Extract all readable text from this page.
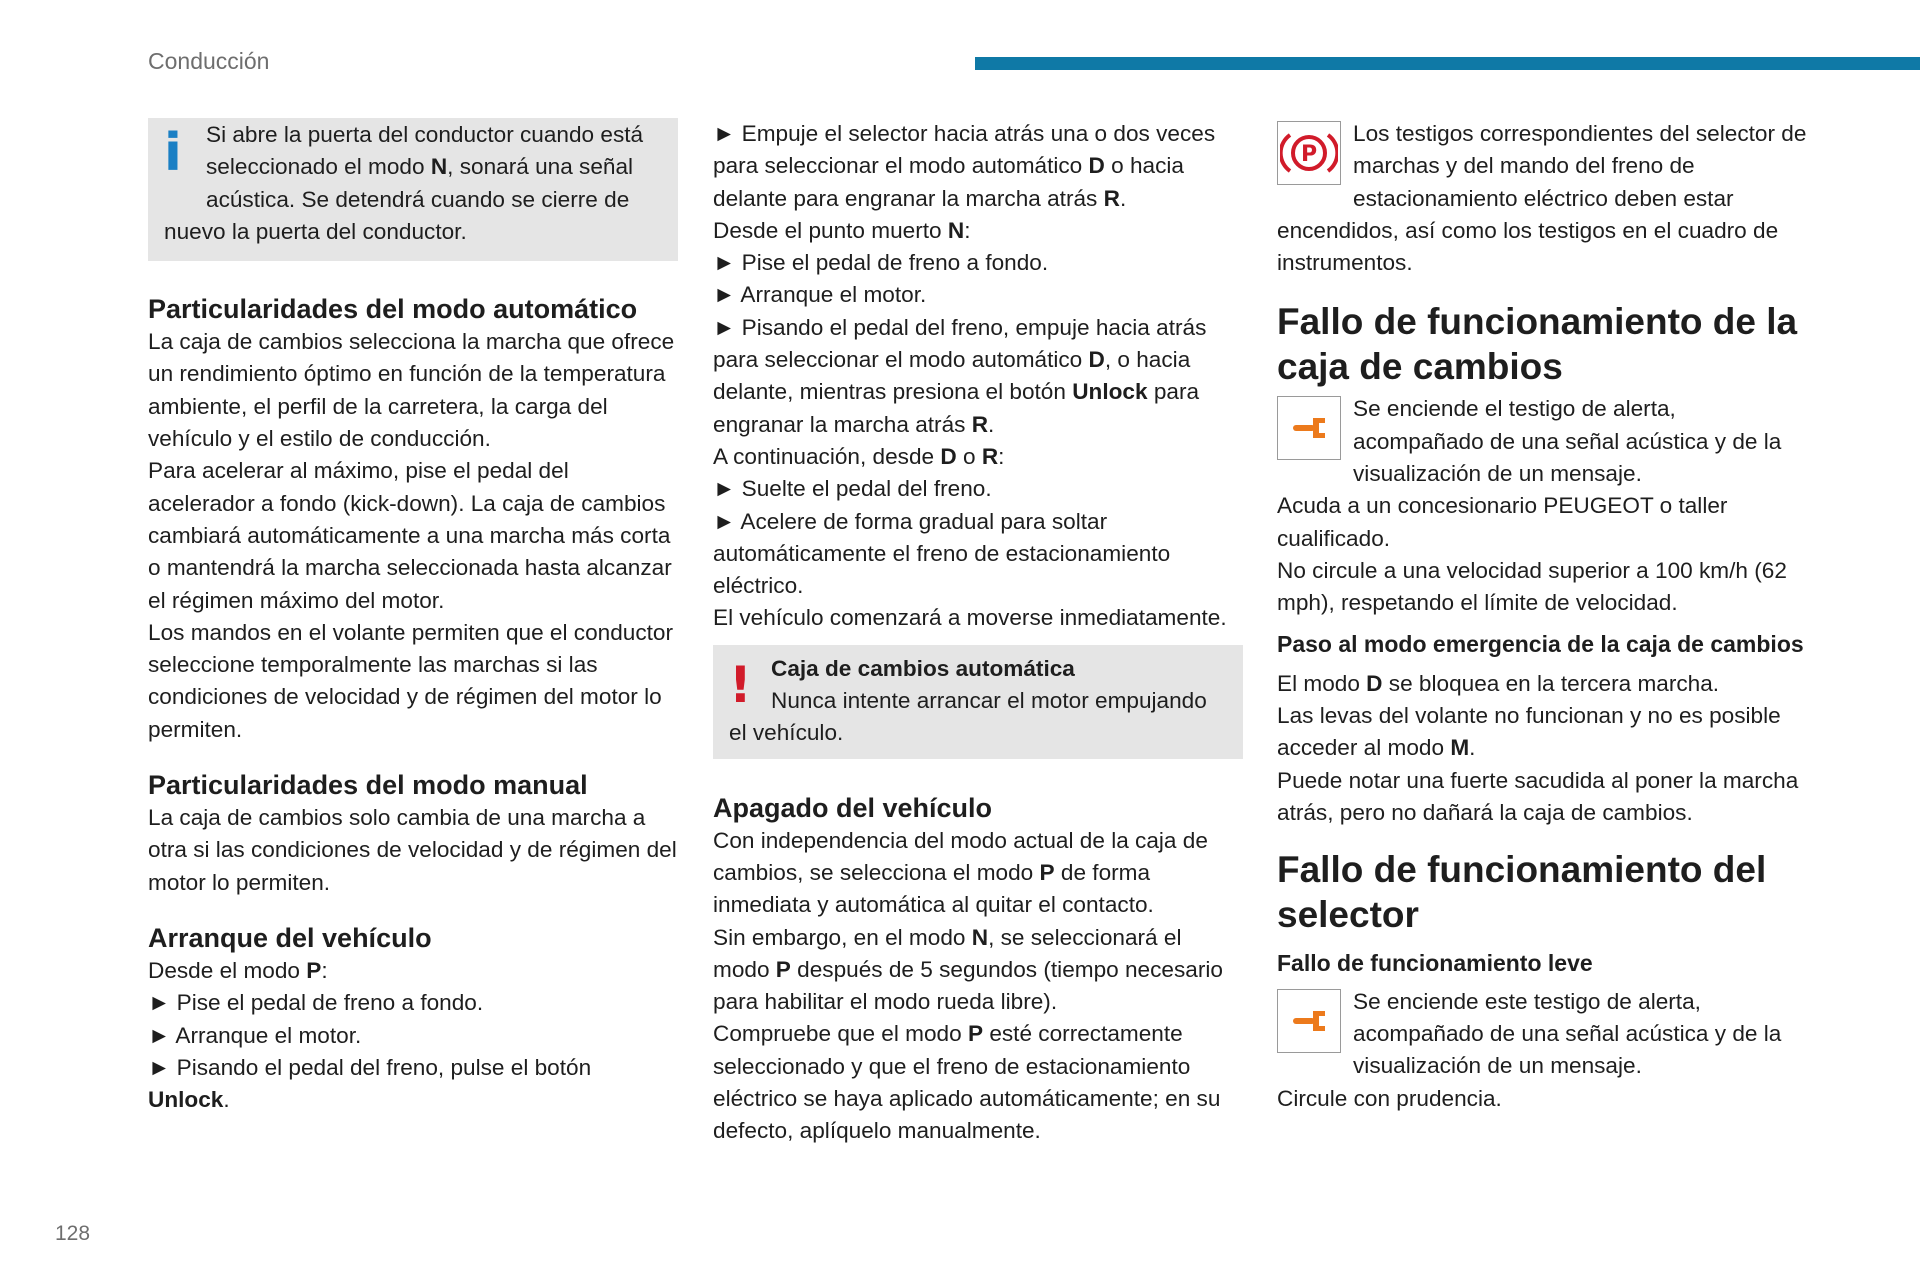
Conducción
i	Si abre la puerta del conductor cuando está seleccionado el modo N, sonará una señal acústica. Se detendrá cuando se cierre de nuevo la puerta del conductor.

Particularidades del modo automático

La caja de cambios selecciona la marcha que ofrece un rendimiento óptimo en función de la temperatura ambiente, el perfil de la carretera, la carga del vehículo y el estilo de conducción.

Para acelerar al máximo, pise el pedal del acelerador a fondo (kick-down). La caja de cambios cambiará automáticamente a una marcha más corta o mantendrá la marcha seleccionada hasta alcanzar el régimen máximo del motor.

Los mandos en el volante permiten que el conductor seleccione temporalmente las marchas si las condiciones de velocidad y de régimen del motor lo permiten.

Particularidades del modo manual

La caja de cambios solo cambia de una marcha a otra si las condiciones de velocidad y de régimen del motor lo permiten.

Arranque del vehículo

Desde el modo P:

► Pise el pedal de freno a fondo.

► Arranque el motor.

► Pisando el pedal del freno, pulse el botón Unlock.

► Empuje el selector hacia atrás una o dos veces para seleccionar el modo automático D o hacia delante para engranar la marcha atrás R.

Desde el punto muerto N:

► Pise el pedal de freno a fondo.

► Arranque el motor.

► Pisando el pedal del freno, empuje hacia atrás para seleccionar el modo automático D, o hacia delante, mientras presiona el botón Unlock para engranar la marcha atrás R.

A continuación, desde D o R:

► Suelte el pedal del freno.

► Acelere de forma gradual para soltar automáticamente el freno de estacionamiento eléctrico.

El vehículo comenzará a moverse inmediatamente.

! Caja de cambios automática

Nunca intente arrancar el motor empujando el vehículo.

Apagado del vehículo

Con independencia del modo actual de la caja de cambios, se selecciona el modo P de forma inmediata y automática al quitar el contacto.

Sin embargo, en el modo N, se seleccionará el modo P después de 5 segundos (tiempo necesario para habilitar el modo rueda libre).

Compruebe que el modo P esté correctamente seleccionado y que el freno de estacionamiento eléctrico se haya aplicado automáticamente; en su defecto, aplíquelo manualmente.

P

Los testigos correspondientes del selector de marchas y del mando del freno de estacionamiento eléctrico deben estar encendidos, así como los testigos en el cuadro de instrumentos.

Fallo de funcionamiento de la caja de cambios

Se enciende el testigo de alerta, acompañado de una señal acústica y de la visualización de un mensaje.

Acuda a un concesionario PEUGEOT o taller cualificado.

No circule a una velocidad superior a 100 km/h (62 mph), respetando el límite de velocidad.

Paso al modo emergencia de la caja de cambios

El modo D se bloquea en la tercera marcha.

Las levas del volante no funcionan y no es posible acceder al modo M.

Puede notar una fuerte sacudida al poner la marcha atrás, pero no dañará la caja de cambios.

Fallo de funcionamiento del selector
Fallo de funcionamiento leve

Se enciende este testigo de alerta, acompañado de una señal acústica y de la visualización de un mensaje.

Circule con prudencia.

128
